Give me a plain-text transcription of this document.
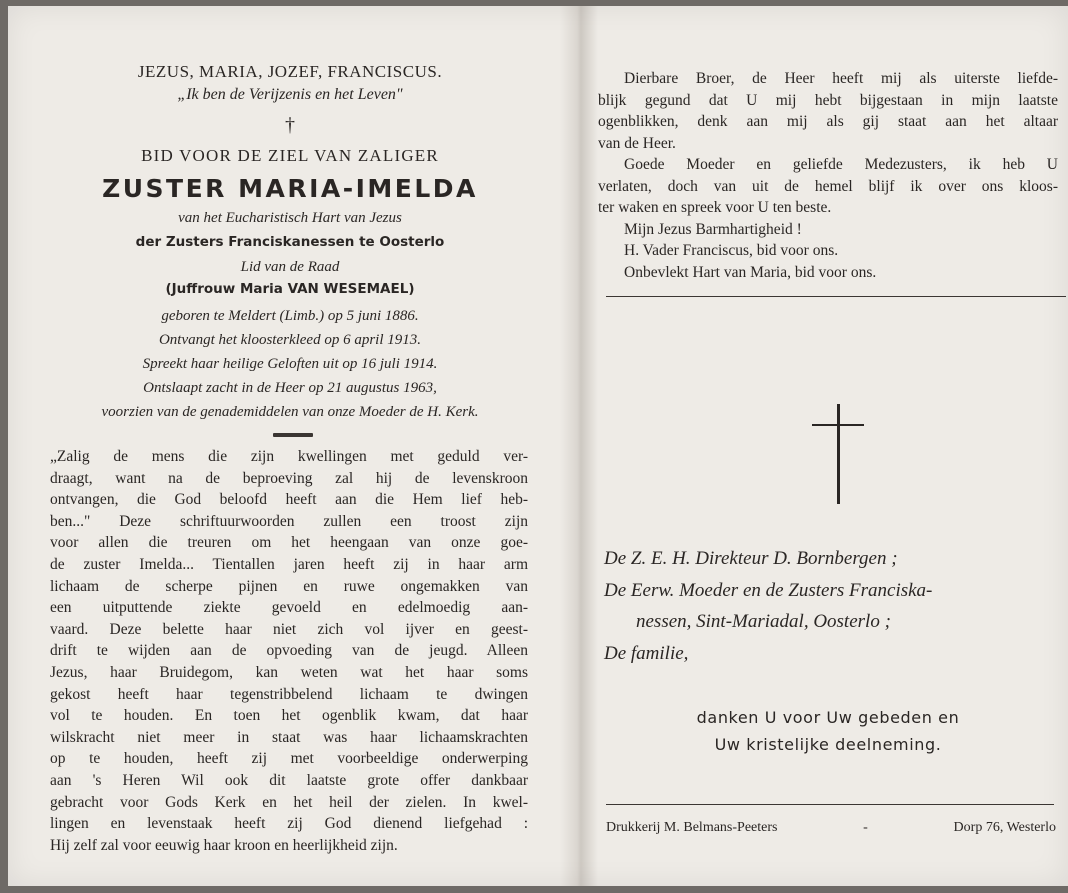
JEZUS, MARIA, JOZEF, FRANCISCUS.
„Ik ben de Verijzenis en het Leven"
†
BID VOOR DE ZIEL VAN ZALIGER
ZUSTER MARIA-IMELDA
van het Eucharistisch Hart van Jezus
der Zusters Franciskanessen te Oosterlo
Lid van de Raad
(Juffrouw Maria VAN WESEMAEL)
geboren te Meldert (Limb.) op 5 juni 1886.
Ontvangt het kloosterkleed op 6 april 1913.
Spreekt haar heilige Geloften uit op 16 juli 1914.
Ontslaapt zacht in de Heer op 21 augustus 1963,
voorzien van de genademiddelen van onze Moeder de H. Kerk.
„Zalig de mens die zijn kwellingen met geduld ver-
draagt, want na de beproeving zal hij de levenskroon
ontvangen, die God beloofd heeft aan die Hem lief heb-
ben..." Deze schriftuurwoorden zullen een troost zijn
voor allen die treuren om het heengaan van onze goe-
de zuster Imelda... Tientallen jaren heeft zij in haar arm
lichaam de scherpe pijnen en ruwe ongemakken van
een uitputtende ziekte gevoeld en edelmoedig aan-
vaard. Deze belette haar niet zich vol ijver en geest-
drift te wijden aan de opvoeding van de jeugd. Alleen
Jezus, haar Bruidegom, kan weten wat het haar soms
gekost heeft haar tegenstribbelend lichaam te dwingen
vol te houden. En toen het ogenblik kwam, dat haar
wilskracht niet meer in staat was haar lichaamskrachten
op te houden, heeft zij met voorbeeldige onderwerping
aan 's Heren Wil ook dit laatste grote offer dankbaar
gebracht voor Gods Kerk en het heil der zielen. In kwel-
lingen en levenstaak heeft zij God dienend liefgehad :
Hij zelf zal voor eeuwig haar kroon en heerlijkheid zijn.
Dierbare Broer, de Heer heeft mij als uiterste liefde-
blijk gegund dat U mij hebt bijgestaan in mijn laatste
ogenblikken, denk aan mij als gij staat aan het altaar
van de Heer.
Goede Moeder en geliefde Medezusters, ik heb U
verlaten, doch van uit de hemel blijf ik over ons kloos-
ter waken en spreek voor U ten beste.
Mijn Jezus Barmhartigheid !
H. Vader Franciscus, bid voor ons.
Onbevlekt Hart van Maria, bid voor ons.
De Z. E. H. Direkteur D. Bornbergen ;
De Eerw. Moeder en de Zusters Franciska-
nessen, Sint-Mariadal, Oosterlo ;
De familie,
danken U voor Uw gebeden en
Uw kristelijke deelneming.
Drukkerij M. Belmans-Peeters	-	Dorp 76, Westerlo
